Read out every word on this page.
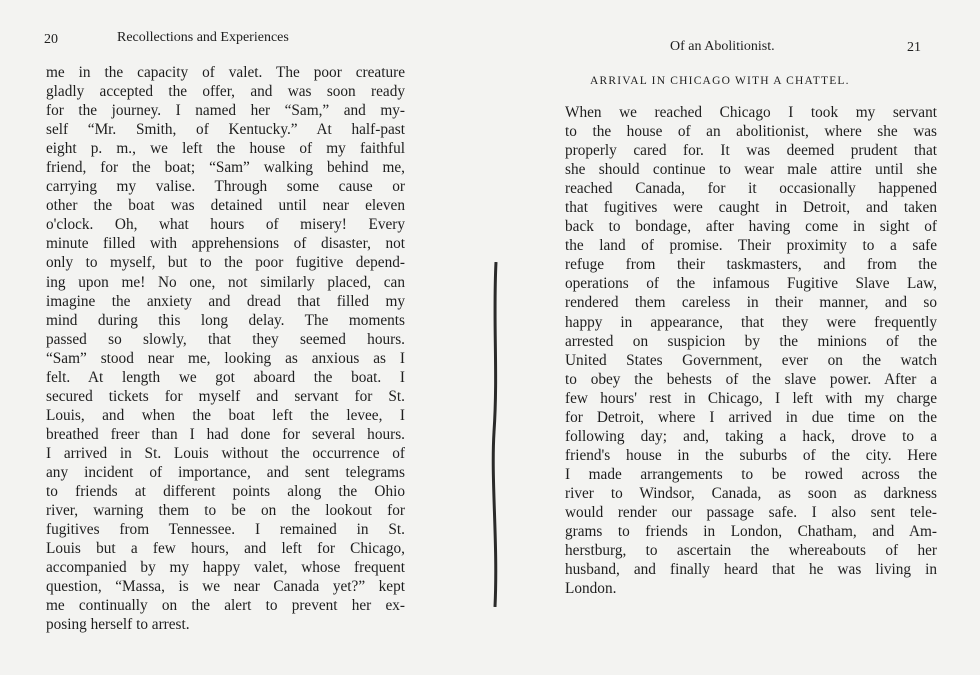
20	Recollections and Experiences
me in the capacity of valet. The poor creature
gladly accepted the offer, and was soon ready
for the journey. I named her “Sam,” and my-
self “Mr. Smith, of Kentucky.” At half-past
eight p. m., we left the house of my faithful
friend, for the boat; “Sam” walking behind me,
carrying my valise. Through some cause or
other the boat was detained until near eleven
o'clock. Oh, what hours of misery! Every
minute filled with apprehensions of disaster, not
only to myself, but to the poor fugitive depend-
ing upon me! No one, not similarly placed, can
imagine the anxiety and dread that filled my
mind during this long delay. The moments
passed so slowly, that they seemed hours.
“Sam” stood near me, looking as anxious as I
felt. At length we got aboard the boat. I
secured tickets for myself and servant for St.
Louis, and when the boat left the levee, I
breathed freer than I had done for several hours.
I arrived in St. Louis without the occurrence of
any incident of importance, and sent telegrams
to friends at different points along the Ohio
river, warning them to be on the lookout for
fugitives from Tennessee. I remained in St.
Louis but a few hours, and left for Chicago,
accompanied by my happy valet, whose frequent
question, “Massa, is we near Canada yet?” kept
me continually on the alert to prevent her ex-
posing herself to arrest.
Of an Abolitionist.	21
ARRIVAL IN CHICAGO WITH A CHATTEL.
When we reached Chicago I took my servant
to the house of an abolitionist, where she was
properly cared for. It was deemed prudent that
she should continue to wear male attire until she
reached Canada, for it occasionally happened
that fugitives were caught in Detroit, and taken
back to bondage, after having come in sight of
the land of promise. Their proximity to a safe
refuge from their taskmasters, and from the
operations of the infamous Fugitive Slave Law,
rendered them careless in their manner, and so
happy in appearance, that they were frequently
arrested on suspicion by the minions of the
United States Government, ever on the watch
to obey the behests of the slave power. After a
few hours' rest in Chicago, I left with my charge
for Detroit, where I arrived in due time on the
following day; and, taking a hack, drove to a
friend's house in the suburbs of the city. Here
I made arrangements to be rowed across the
river to Windsor, Canada, as soon as darkness
would render our passage safe. I also sent tele-
grams to friends in London, Chatham, and Am-
herstburg, to ascertain the whereabouts of her
husband, and finally heard that he was living in
London.
